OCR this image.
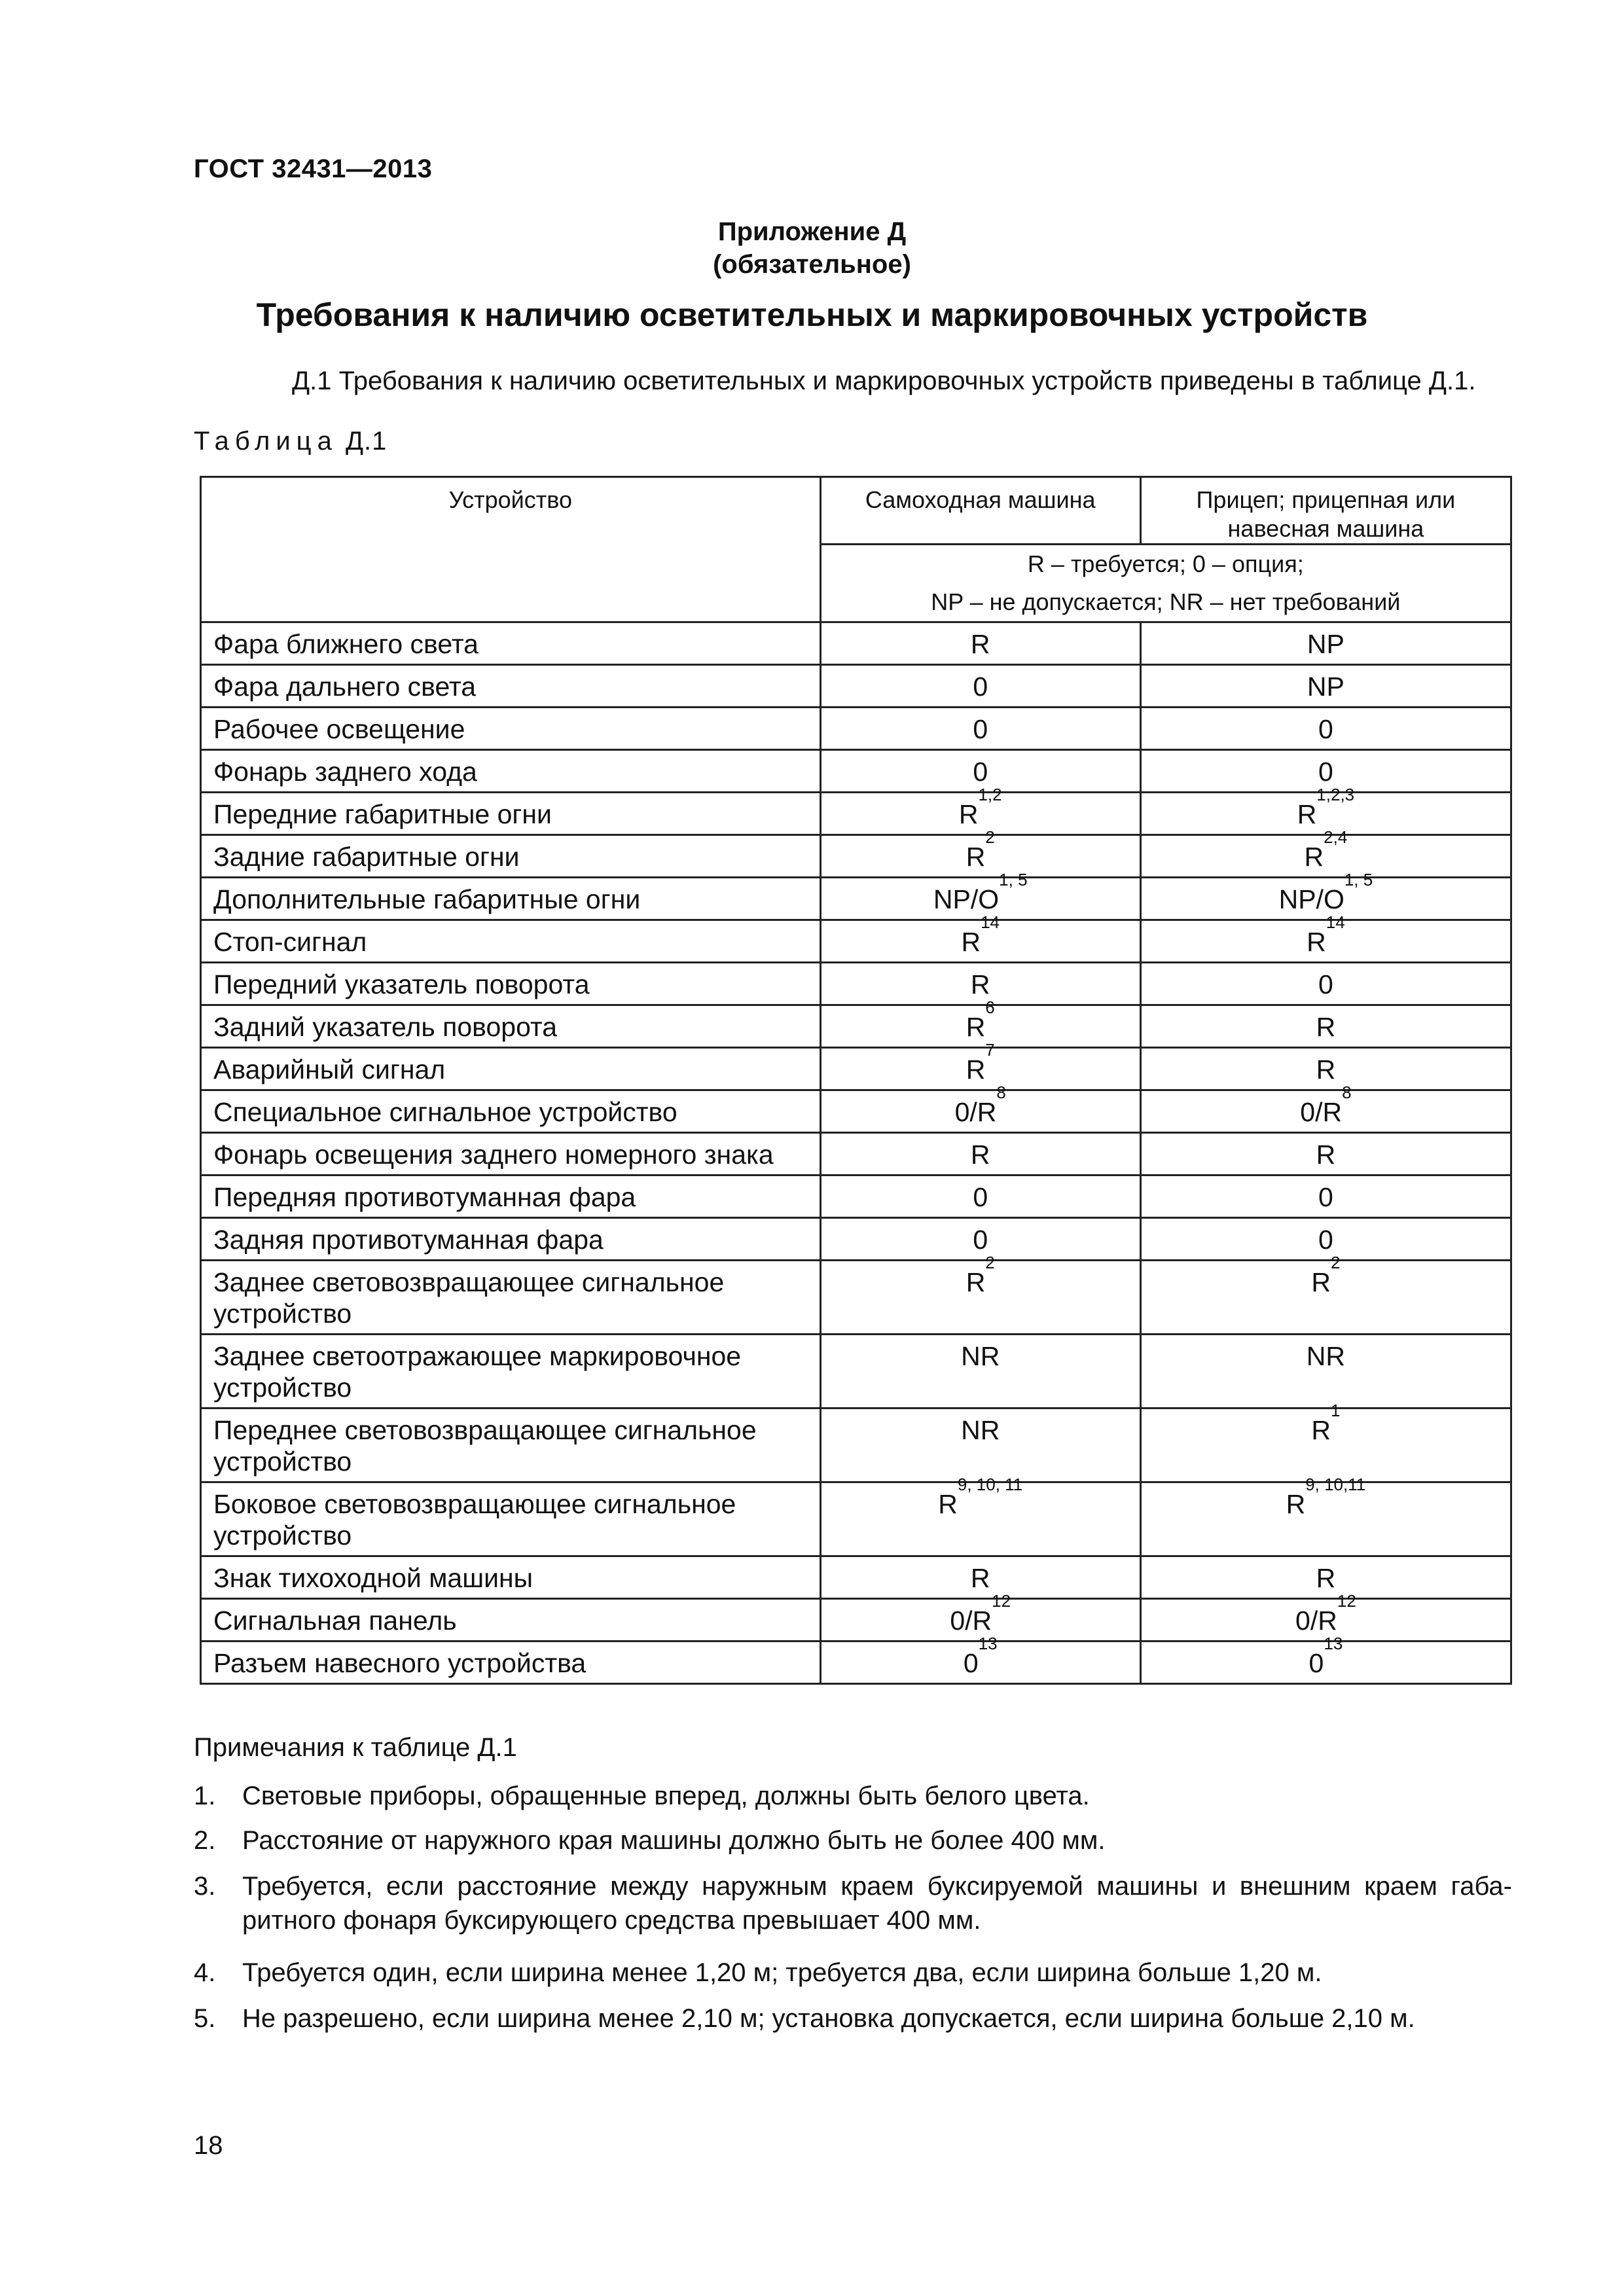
ГОСТ 32431—2013
Приложение Д
(обязательное)
Требования к наличию осветительных и маркировочных устройств
Д.1 Требования к наличию осветительных и маркировочных устройств приведены в таблице Д.1.
Таблица Д.1
Устройство	Самоходная машина	Прицеп; прицепная или навесная машина

	R – требуется; 0 – опция;
NP – не допускается; NR – нет требований	

Фара ближнего света	R	NP
Фара дальнего света	0	NP
Рабочее освещение	0	0
Фонарь заднего хода	0	0
Передние габаритные огни	R$^{1,2}$	R$^{1,2,3}$
Задние габаритные огни	$R^2$	R$^{2,4}$
Дополнительные габаритные огни	$NP/O^{1, 5}$	$NP/O^{1, 5}$
Стоп-сигнал	$R^{14}$	$R^{14}$
Передний указатель поворота	R	0
Задний указатель поворота	$R^6$	R
Аварийный сигнал	$R^7$	R
Специальное сигнальное устройство	$0/R^8$	$0/R^8$
Фонарь освещения заднего номерного знака	R	R
Передняя противотуманная фара	0	0
Задняя противотуманная фара	0	0
Заднее световозвращающее сигнальное устройство	$R^2$	$R^2$
Заднее светоотражающее маркировочное устройство	NR	NR
Переднее световозвращающее сигнальное устройство	NR	$R^1$
Боковое световозвращающее сигнальное устройство	R$^{9, 10, 11}$	R$^{9, 10,11}$
Знак тихоходной машины	R	R
Сигнальная панель	$0/R^{12}$	$0/R^{12}$
Разъем навесного устройства	$0^{13}$	$0^{13}$
Примечания к таблице Д.1
1. Световые приборы, обращенные вперед, должны быть белого цвета.
2. Расстояние от наружного края машины должно быть не более 400 мм.
3. Требуется, если расстояние между наружным краем буксируемой машины и внешним краем габа-ритного фонаря буксирующего средства превышает 400 мм.
4. Требуется один, если ширина менее 1,20 м; требуется два, если ширина больше 1,20 м.
5. Не разрешено, если ширина менее 2,10 м; установка допускается, если ширина больше 2,10 м.
18
